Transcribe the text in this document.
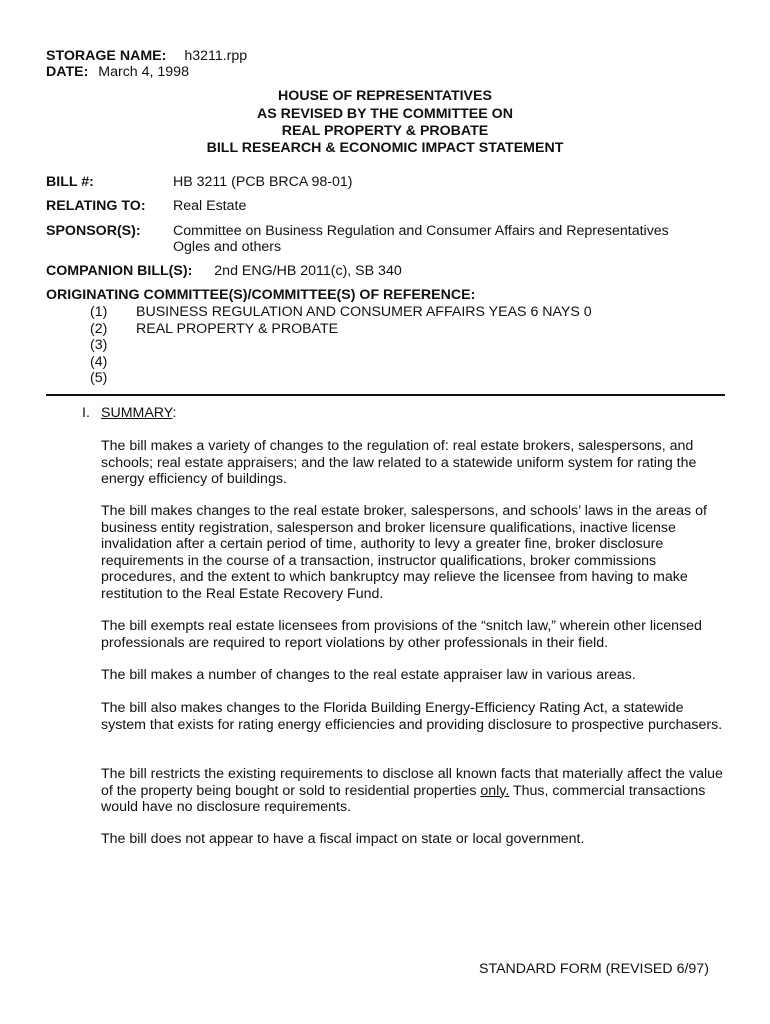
STORAGE NAME: h3211.rpp
DATE: March 4, 1998
HOUSE OF REPRESENTATIVES
AS REVISED BY THE COMMITTEE ON
REAL PROPERTY & PROBATE
BILL RESEARCH & ECONOMIC IMPACT STATEMENT
BILL #:	HB 3211 (PCB BRCA 98-01)
RELATING TO: Real Estate
SPONSOR(S): Committee on Business Regulation and Consumer Affairs and Representatives
Ogles and others
COMPANION BILL(S): 2nd ENG/HB 2011(c), SB 340
ORIGINATING COMMITTEE(S)/COMMITTEE(S) OF REFERENCE:
(1) BUSINESS REGULATION AND CONSUMER AFFAIRS YEAS 6 NAYS 0
(2) REAL PROPERTY & PROBATE
(3)
(4)
(5)
I. SUMMARY:
The bill makes a variety of changes to the regulation of: real estate brokers, salespersons, and schools; real estate appraisers; and the law related to a statewide uniform system for rating the energy efficiency of buildings.
The bill makes changes to the real estate broker, salespersons, and schools’ laws in the areas of business entity registration, salesperson and broker licensure qualifications, inactive license invalidation after a certain period of time, authority to levy a greater fine, broker disclosure requirements in the course of a transaction, instructor qualifications, broker commissions procedures, and the extent to which bankruptcy may relieve the licensee from having to make restitution to the Real Estate Recovery Fund.
The bill exempts real estate licensees from provisions of the “snitch law,” wherein other licensed professionals are required to report violations by other professionals in their field.
The bill makes a number of changes to the real estate appraiser law in various areas.
The bill also makes changes to the Florida Building Energy-Efficiency Rating Act, a statewide system that exists for rating energy efficiencies and providing disclosure to prospective purchasers.
The bill restricts the existing requirements to disclose all known facts that materially affect the value of the property being bought or sold to residential properties only. Thus, commercial transactions would have no disclosure requirements.
The bill does not appear to have a fiscal impact on state or local government.
STANDARD FORM (REVISED 6/97)
